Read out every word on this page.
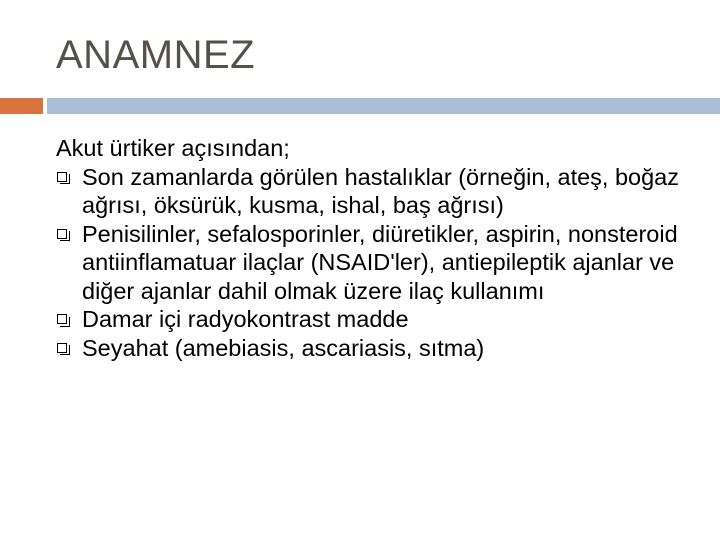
ANAMNEZ

Akut ürtiker açısından;

Son zamanlarda görülen hastalıklar (örneğin, ateş, boğaz ağrısı, öksürük, kusma, ishal, baş ağrısı)
Penisilinler, sefalosporinler, diüretikler, aspirin, nonsteroid antiinflamatuar ilaçlar (NSAID'ler), antiepileptik ajanlar ve diğer ajanlar dahil olmak üzere ilaç kullanımı
Damar içi radyokontrast madde
Seyahat (amebiasis, ascariasis, sıtma)
